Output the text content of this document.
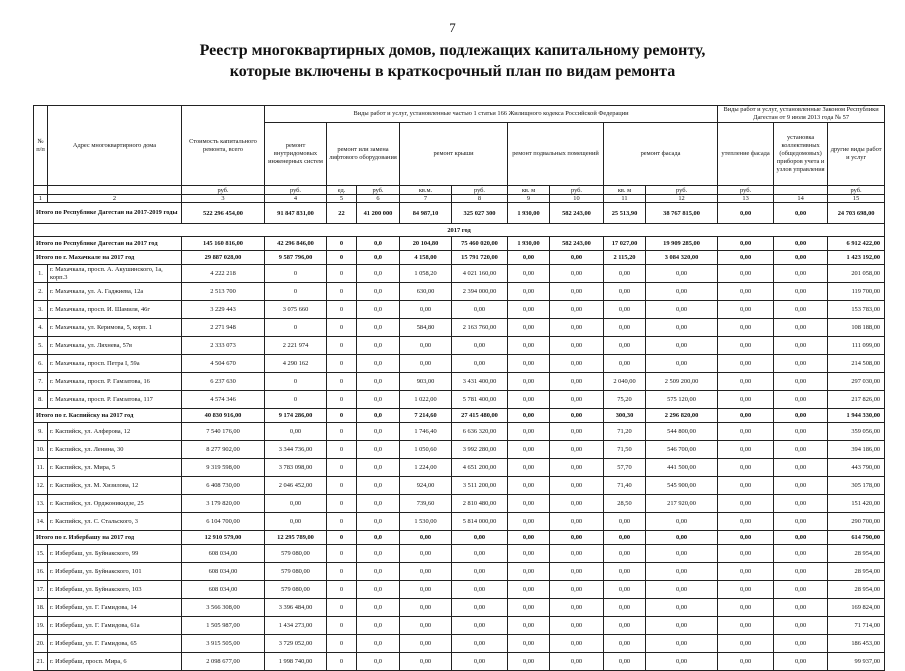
7
Реестр многоквартирных домов, подлежащих капитальному ремонту,
которые включены в краткосрочный план по видам ремонта
№ п/п	Адрес многоквартирного дома	Стоимость капитального ремонта, всего	Виды работ и услуг, установленные частью 1 статьи 166 Жилищного кодекса Российской Федерации									Виды работ и услуг, установленные Законом Республики Дагестан от 9 июля 2013 года № 57		
			ремонт внутридомовых инженерных систем	ремонт или замена лифтового оборудования		ремонт крыши		ремонт подвальных помещений		ремонт фасада		утепление фасада	установка коллективных (общедомовых) приборов учета и узлов управления	другие виды работ и услуг
		руб.	руб.	ед.	руб.	кв.м.	руб.	кв. м	руб.	кв. м	руб.	руб.		руб.
1	2	3	4	5	6	7	8	9	10	11	12	13	14	15
Итого по Республике Дагестан на 2017-2019 годы		522 296 454,00	91 847 831,00	22	41 200 000	84 987,10	325 027 300	1 930,00	582 243,00	25 513,90	38 767 815,00	0,00	0,00	24 703 698,00
2017 год														
Итого по Республике Дагестан на 2017 год		145 160 816,00	42 296 846,00	0	0,0	20 104,80	75 460 020,00	1 930,00	582 243,00	17 027,00	19 909 285,00	0,00	0,00	6 912 422,00
Итого по г. Махачкале на 2017 год		29 887 028,00	9 587 796,00	0	0,0	4 158,00	15 791 720,00	0,00	0,00	2 115,20	3 084 320,00	0,00	0,00	1 423 192,00
1.	г. Махачкала, просп. А. Акушинского, 1а, корп.3	4 222 218	0	0	0,0	1 058,20	4 021 160,00	0,00	0,00	0,00	0,00	0,00	0,00	201 058,00
2.	г. Махачкала, ул. А. Гаджиева, 12а	2 513 700	0	0	0,0	630,00	2 394 000,00	0,00	0,00	0,00	0,00	0,00	0,00	119 700,00
3.	г. Махачкала, просп. И. Шамиля, 46г	3 229 443	3 075 660	0	0,0	0,00	0,00	0,00	0,00	0,00	0,00	0,00	0,00	153 783,00
4.	г. Махачкала, ул. Керимова, 5, корп. 1	2 271 948	0	0	0,0	584,80	2 163 760,00	0,00	0,00	0,00	0,00	0,00	0,00	108 188,00
5.	г. Махачкала, ул. Ляхнева, 57в	2 333 073	2 221 974	0	0,0	0,00	0,00	0,00	0,00	0,00	0,00	0,00	0,00	111 099,00
6.	г. Махачкала, просп. Петра I, 59а	4 504 670	4 290 162	0	0,0	0,00	0,00	0,00	0,00	0,00	0,00	0,00	0,00	214 508,00
7.	г. Махачкала, просп. Р. Гамзатова, 16	6 237 630	0	0	0,0	903,00	3 431 400,00	0,00	0,00	2 040,00	2 509 200,00	0,00	0,00	297 030,00
8.	г. Махачкала, просп. Р. Гамзатова, 117	4 574 346	0	0	0,0	1 022,00	5 781 400,00	0,00	0,00	75,20	575 120,00	0,00	0,00	217 826,00
Итого по г. Каспийску на 2017 год		40 830 916,00	9 174 286,00	0	0,0	7 214,60	27 415 480,00	0,00	0,00	300,30	2 296 820,00	0,00	0,00	1 944 330,00
9.	г. Каспийск, ул. Алферова, 12	7 540 176,00	0,00	0	0,0	1 746,40	6 636 320,00	0,00	0,00	71,20	544 800,00	0,00	0,00	359 056,00
10.	г. Каспийск, ул. Ленина, 30	8 277 902,00	3 344 736,00	0	0,0	1 050,60	3 992 280,00	0,00	0,00	71,50	546 700,00	0,00	0,00	394 186,00
11.	г. Каспийск, ул. Мира, 5	9 319 598,00	3 783 098,00	0	0,0	1 224,00	4 651 200,00	0,00	0,00	57,70	441 500,00	0,00	0,00	443 790,00
12.	г. Каспийск, ул. М. Хизилова, 12	6 408 730,00	2 046 452,00	0	0,0	924,00	3 511 200,00	0,00	0,00	71,40	545 900,00	0,00	0,00	305 178,00
13.	г. Каспийск, ул. Орджоникидзе, 25	3 179 820,00	0,00	0	0,0	739,60	2 810 480,00	0,00	0,00	28,50	217 920,00	0,00	0,00	151 420,00
14.	г. Каспийск, ул. С. Стальского, 3	6 104 700,00	0,00	0	0,0	1 530,00	5 814 000,00	0,00	0,00	0,00	0,00	0,00	0,00	290 700,00
Итого по г. Избербашу на 2017 год		12 910 579,00	12 295 789,00	0	0,0	0,00	0,00	0,00	0,00	0,00	0,00	0,00	0,00	614 790,00
15.	г. Избербаш, ул. Буйнакского, 99	608 034,00	579 080,00	0	0,0	0,00	0,00	0,00	0,00	0,00	0,00	0,00	0,00	28 954,00
16.	г. Избербаш, ул. Буйнакского, 101	608 034,00	579 080,00	0	0,0	0,00	0,00	0,00	0,00	0,00	0,00	0,00	0,00	28 954,00
17.	г. Избербаш, ул. Буйнакского, 103	608 034,00	579 080,00	0	0,0	0,00	0,00	0,00	0,00	0,00	0,00	0,00	0,00	28 954,00
18.	г. Избербаш, ул. Г. Гамидова, 14	3 566 308,00	3 396 484,00	0	0,0	0,00	0,00	0,00	0,00	0,00	0,00	0,00	0,00	169 824,00
19.	г. Избербаш, ул. Г. Гамидова, 61а	1 505 987,00	1 434 273,00	0	0,0	0,00	0,00	0,00	0,00	0,00	0,00	0,00	0,00	71 714,00
20.	г. Избербаш, ул. Г. Гамидова, 65	3 915 505,00	3 729 052,00	0	0,0	0,00	0,00	0,00	0,00	0,00	0,00	0,00	0,00	186 453,00
21.	г. Избербаш, просп. Мира, 6	2 098 677,00	1 998 740,00	0	0,0	0,00	0,00	0,00	0,00	0,00	0,00	0,00	0,00	99 937,00
